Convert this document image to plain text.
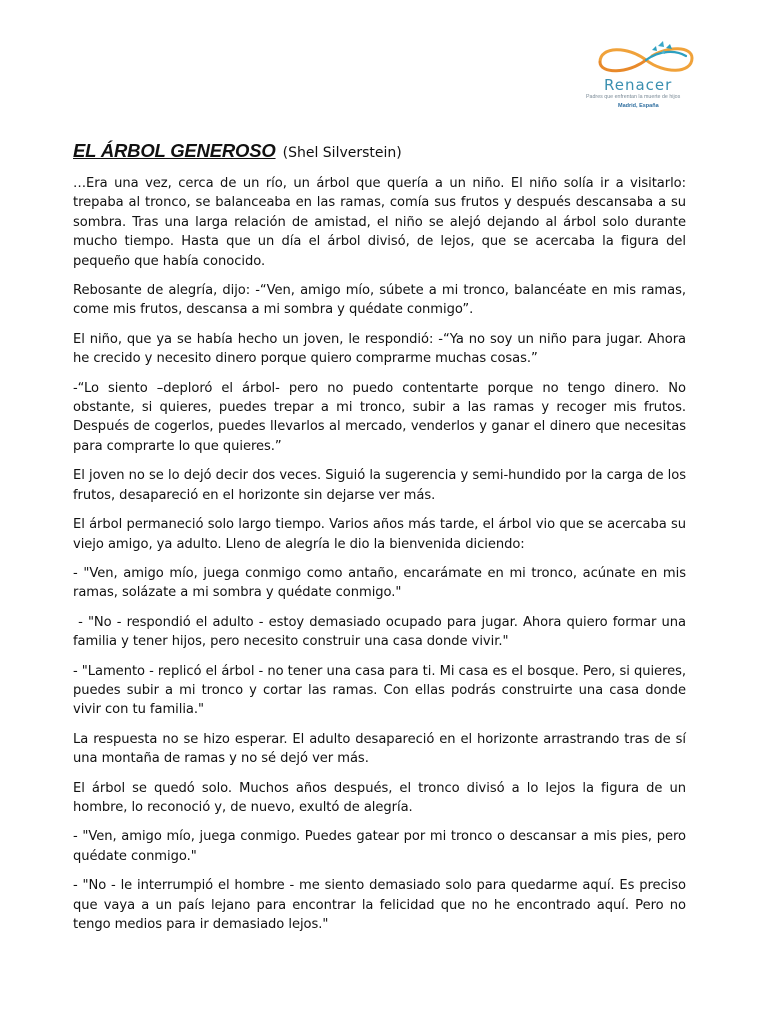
Renacer
Padres que enfrentan la muerte de hijos
Madrid, España
EL ÁRBOL GENEROSO (Shel Silverstein)

…Era una vez, cerca de un río, un árbol que quería a un niño. El niño solía ir a visitarlo: trepaba al tronco, se balanceaba en las ramas, comía sus frutos y después descansaba a su sombra. Tras una larga relación de amistad, el niño se alejó dejando al árbol solo durante mucho tiempo. Hasta que un día el árbol divisó, de lejos, que se acercaba la figura del pequeño que había conocido.

Rebosante de alegría, dijo: -“Ven, amigo mío, súbete a mi tronco, balancéate en mis ramas, come mis frutos, descansa a mi sombra y quédate conmigo”.

El niño, que ya se había hecho un joven, le respondió: -“Ya no soy un niño para jugar. Ahora he crecido y necesito dinero porque quiero comprarme muchas cosas.”

-“Lo siento –deploró el árbol- pero no puedo contentarte porque no tengo dinero. No obstante, si quieres, puedes trepar a mi tronco, subir a las ramas y recoger mis frutos. Después de cogerlos, puedes llevarlos al mercado, venderlos y ganar el dinero que necesitas para comprarte lo que quieres.”

El joven no se lo dejó decir dos veces. Siguió la sugerencia y semi-hundido por la carga de los frutos, desapareció en el horizonte sin dejarse ver más.

El árbol permaneció solo largo tiempo. Varios años más tarde, el árbol vio que se acercaba su viejo amigo, ya adulto. Lleno de alegría le dio la bienvenida diciendo:

- "Ven, amigo mío, juega conmigo como antaño, encarámate en mi tronco, acúnate en mis ramas, solázate a mi sombra y quédate conmigo."

- "No - respondió el adulto - estoy demasiado ocupado para jugar. Ahora quiero formar una familia y tener hijos, pero necesito construir una casa donde vivir."

- "Lamento - replicó el árbol - no tener una casa para ti. Mi casa es el bosque. Pero, si quieres, puedes subir a mi tronco y cortar las ramas. Con ellas podrás construirte una casa donde vivir con tu familia."

La respuesta no se hizo esperar. El adulto desapareció en el horizonte arrastrando tras de sí una montaña de ramas y no sé dejó ver más.

El árbol se quedó solo. Muchos años después, el tronco divisó a lo lejos la figura de un hombre, lo reconoció y, de nuevo, exultó de alegría.

- "Ven, amigo mío, juega conmigo. Puedes gatear por mi tronco o descansar a mis pies, pero quédate conmigo."

- "No - le interrumpió el hombre - me siento demasiado solo para quedarme aquí. Es preciso que vaya a un país lejano para encontrar la felicidad que no he encontrado aquí. Pero no tengo medios para ir demasiado lejos."
